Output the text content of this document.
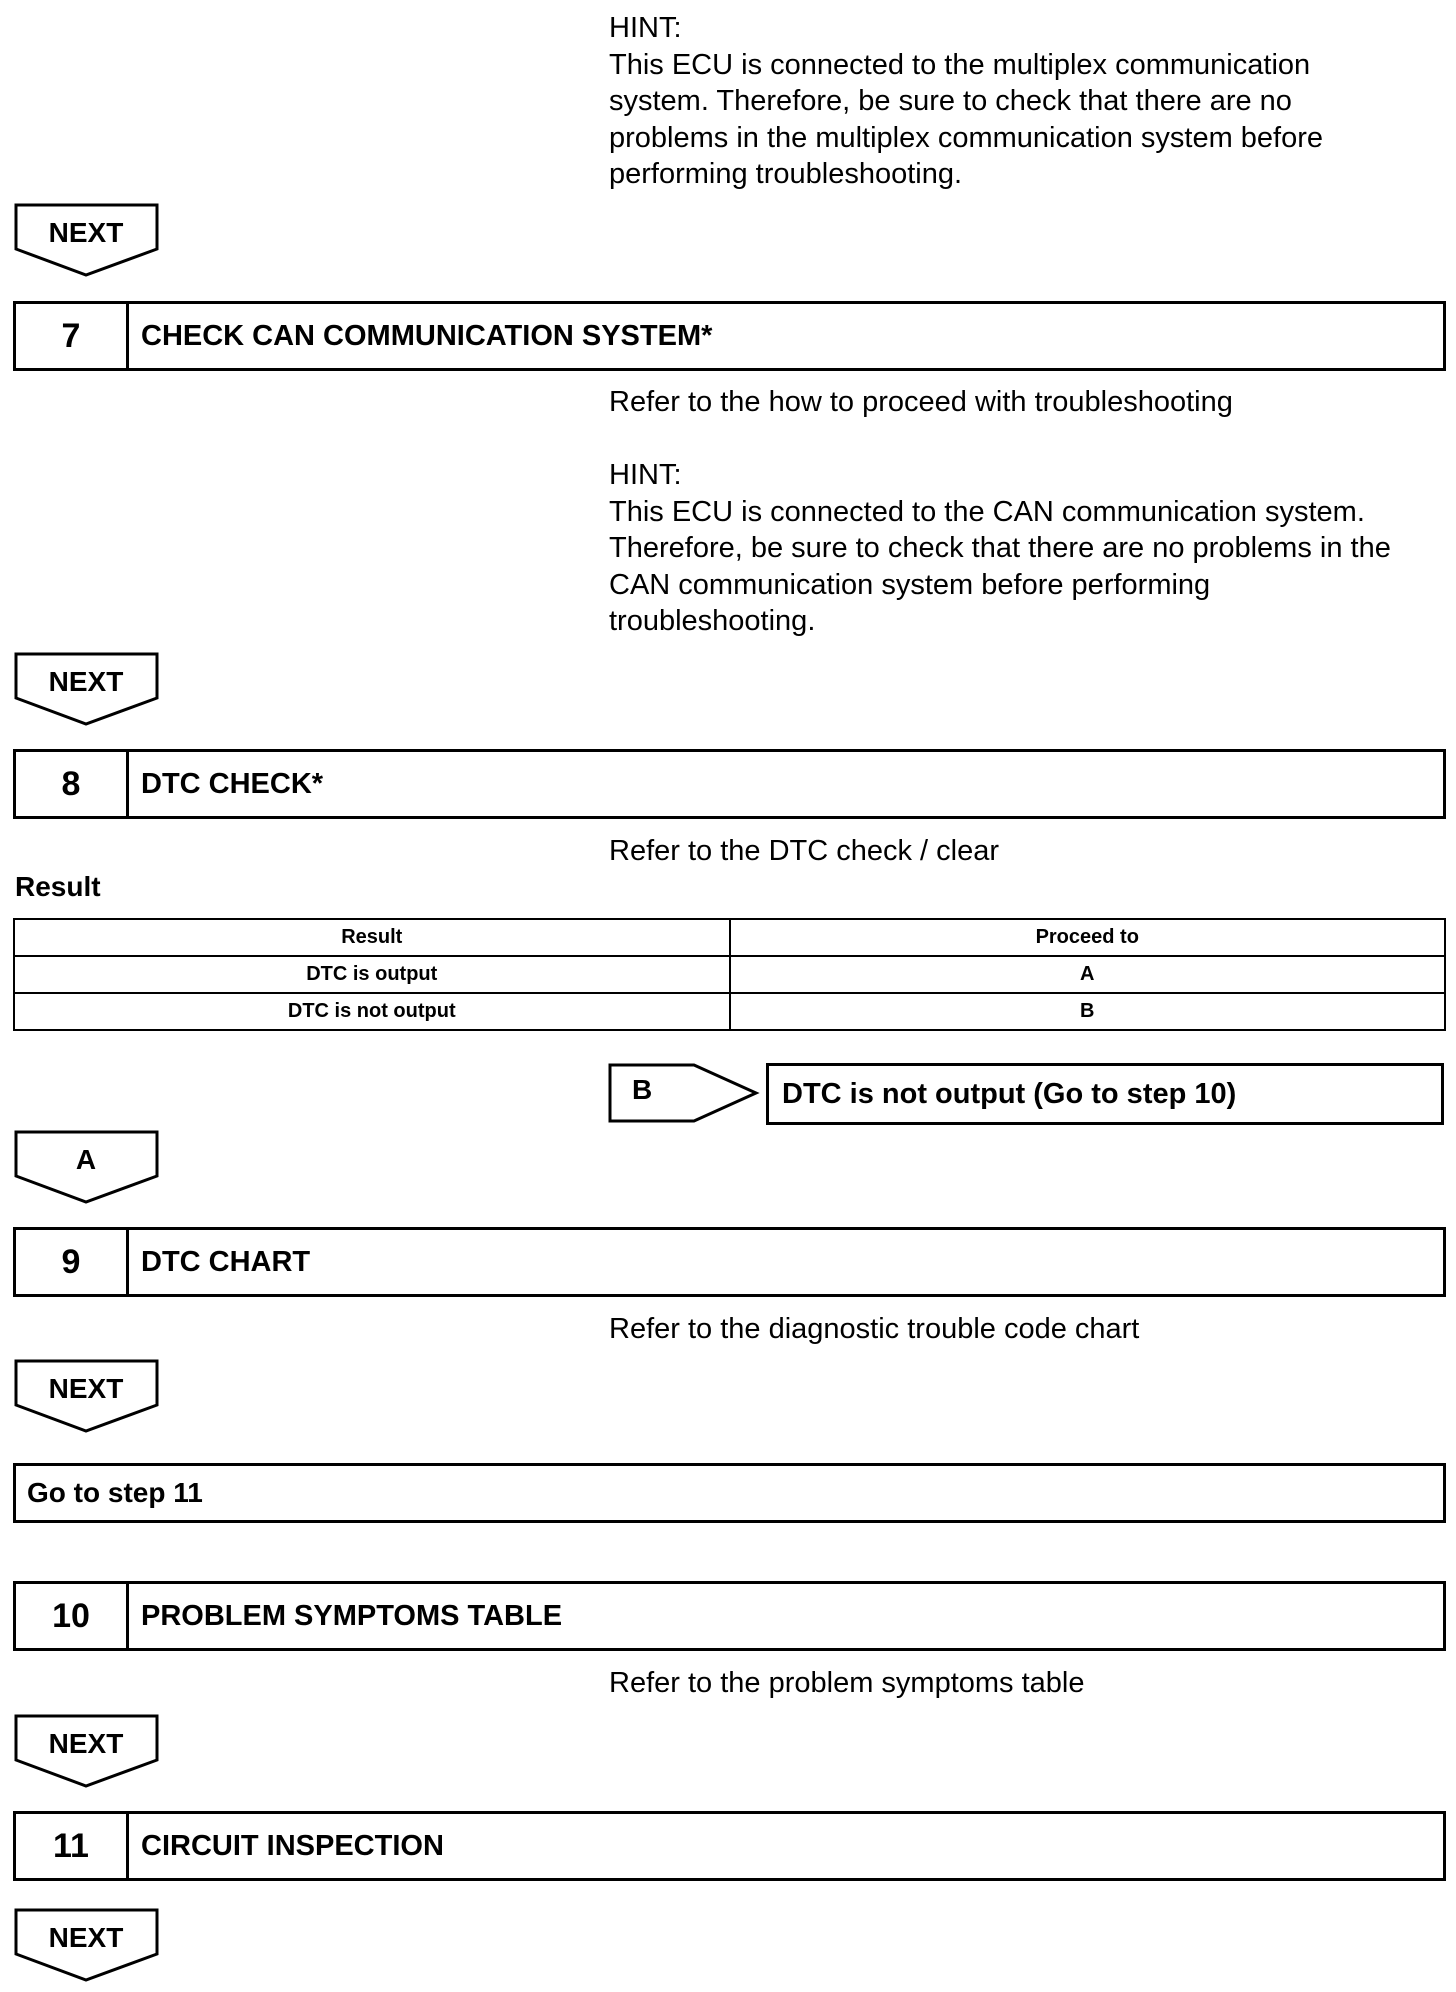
HINT:
This ECU is connected to the multiplex communication
system. Therefore, be sure to check that there are no
problems in the multiplex communication system before
performing troubleshooting.
NEXT
7	CHECK CAN COMMUNICATION SYSTEM*
Refer to the how to proceed with troubleshooting
HINT:
This ECU is connected to the CAN communication system.
Therefore, be sure to check that there are no problems in the
CAN communication system before performing
troubleshooting.
NEXT
8	DTC CHECK*
Refer to the DTC check / clear
Result
Result	Proceed to
DTC is output	A
DTC is not output	B
B	DTC is not output (Go to step 10)
A
9	DTC CHART
Refer to the diagnostic trouble code chart
NEXT
Go to step 11
10	PROBLEM SYMPTOMS TABLE
Refer to the problem symptoms table
NEXT
11	CIRCUIT INSPECTION
NEXT
